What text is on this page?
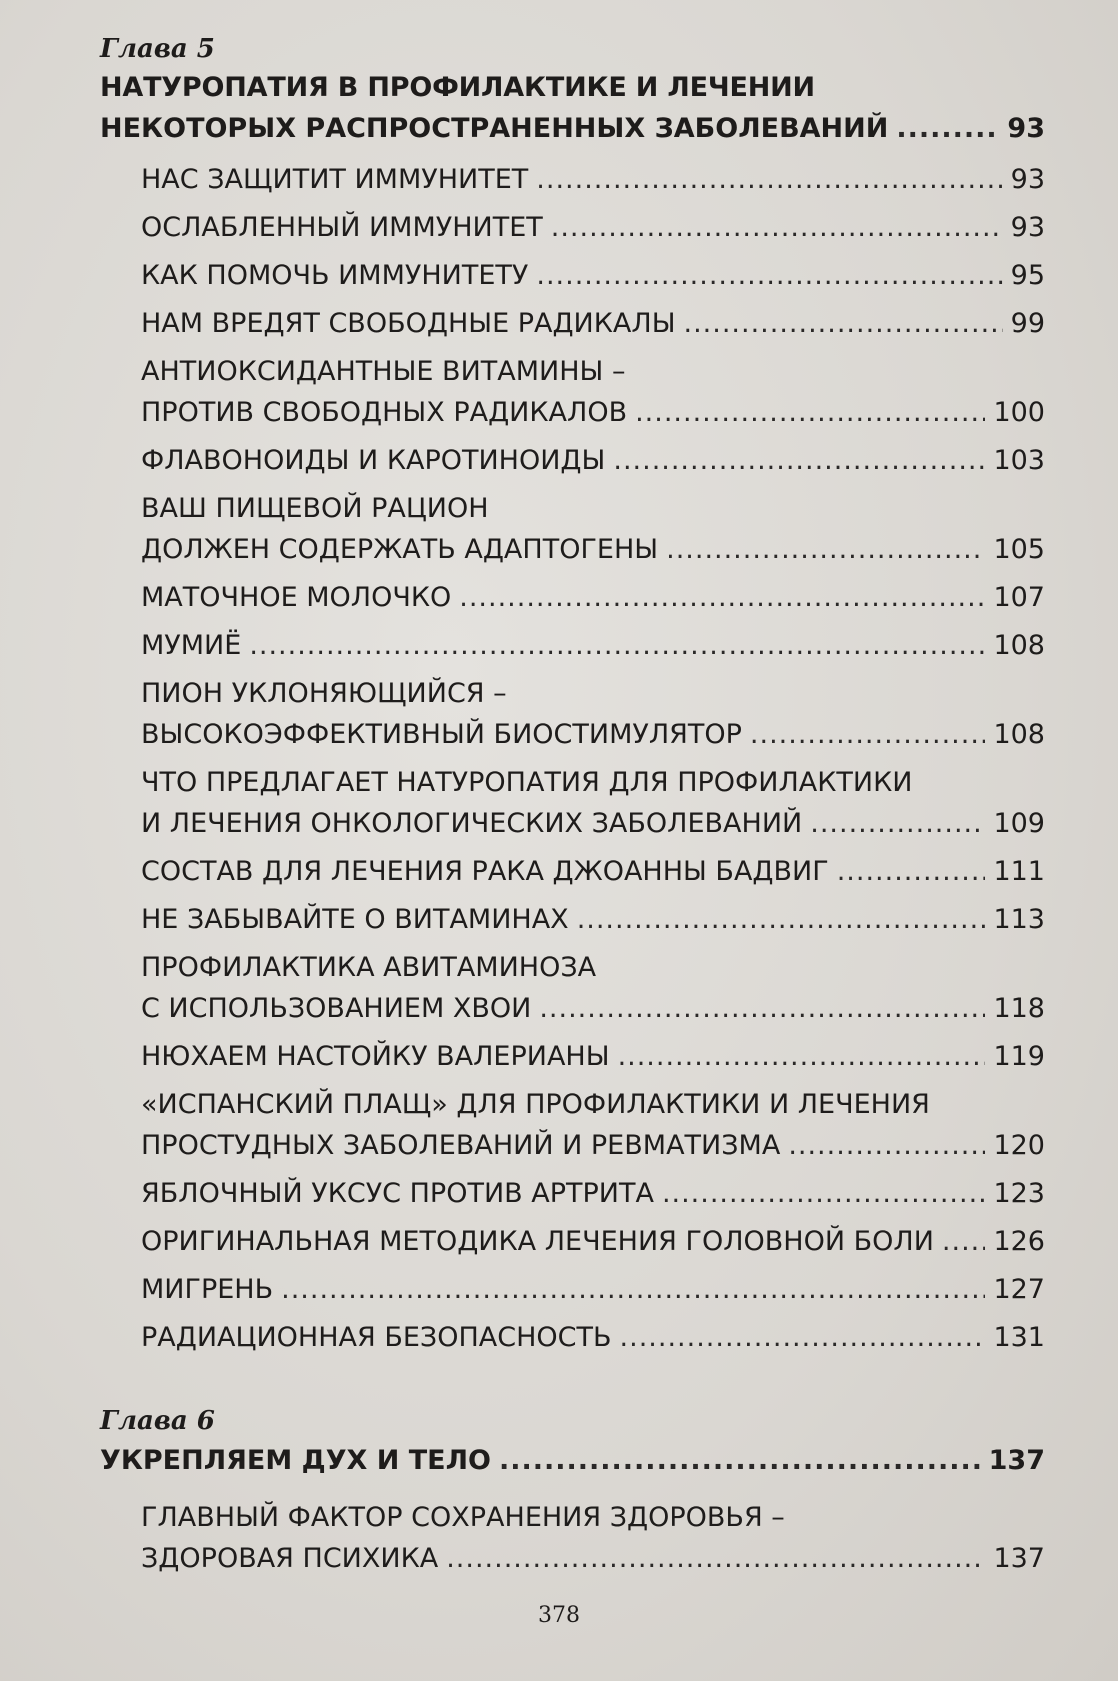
Глава 5
НАТУРОПАТИЯ В ПРОФИЛАКТИКЕ И ЛЕЧЕНИИ
НЕКОТОРЫХ РАСПРОСТРАНЕННЫХ ЗАБОЛЕВАНИЙ .....	93
НАС ЗАЩИТИТ ИММУНИТЕТ .....	93
ОСЛАБЛЕННЫЙ ИММУНИТЕТ .....	93
КАК ПОМОЧЬ ИММУНИТЕТУ .....	95
НАМ ВРЕДЯТ СВОБОДНЫЕ РАДИКАЛЫ .....	99
АНТИОКСИДАНТНЫЕ ВИТАМИНЫ –
ПРОТИВ СВОБОДНЫХ РАДИКАЛОВ .....	100
ФЛАВОНОИДЫ И КАРОТИНОИДЫ .....	103
ВАШ ПИЩЕВОЙ РАЦИОН
ДОЛЖЕН СОДЕРЖАТЬ АДАПТОГЕНЫ .....	105
МАТОЧНОЕ МОЛОЧКО .....	107
МУМИЁ .....	108
ПИОН УКЛОНЯЮЩИЙСЯ –
ВЫСОКОЭФФЕКТИВНЫЙ БИОСТИМУЛЯТОР .....	108
ЧТО ПРЕДЛАГАЕТ НАТУРОПАТИЯ ДЛЯ ПРОФИЛАКТИКИ
И ЛЕЧЕНИЯ ОНКОЛОГИЧЕСКИХ ЗАБОЛЕВАНИЙ .....	109
СОСТАВ ДЛЯ ЛЕЧЕНИЯ РАКА ДЖОАННЫ БАДВИГ .....	111
НЕ ЗАБЫВАЙТЕ О ВИТАМИНАХ .....	113
ПРОФИЛАКТИКА АВИТАМИНОЗА
С ИСПОЛЬЗОВАНИЕМ ХВОИ .....	118
НЮХАЕМ НАСТОЙКУ ВАЛЕРИАНЫ .....	119
«ИСПАНСКИЙ ПЛАЩ» ДЛЯ ПРОФИЛАКТИКИ И ЛЕЧЕНИЯ
ПРОСТУДНЫХ ЗАБОЛЕВАНИЙ И РЕВМАТИЗМА .....	120
ЯБЛОЧНЫЙ УКСУС ПРОТИВ АРТРИТА .....	123
ОРИГИНАЛЬНАЯ МЕТОДИКА ЛЕЧЕНИЯ ГОЛОВНОЙ БОЛИ ..... 126
МИГРЕНЬ .....	127
РАДИАЦИОННАЯ БЕЗОПАСНОСТЬ .....	131
Глава 6
УКРЕПЛЯЕМ ДУХ И ТЕЛО .....	137
ГЛАВНЫЙ ФАКТОР СОХРАНЕНИЯ ЗДОРОВЬЯ –
ЗДОРОВАЯ ПСИХИКА .....	137
378
